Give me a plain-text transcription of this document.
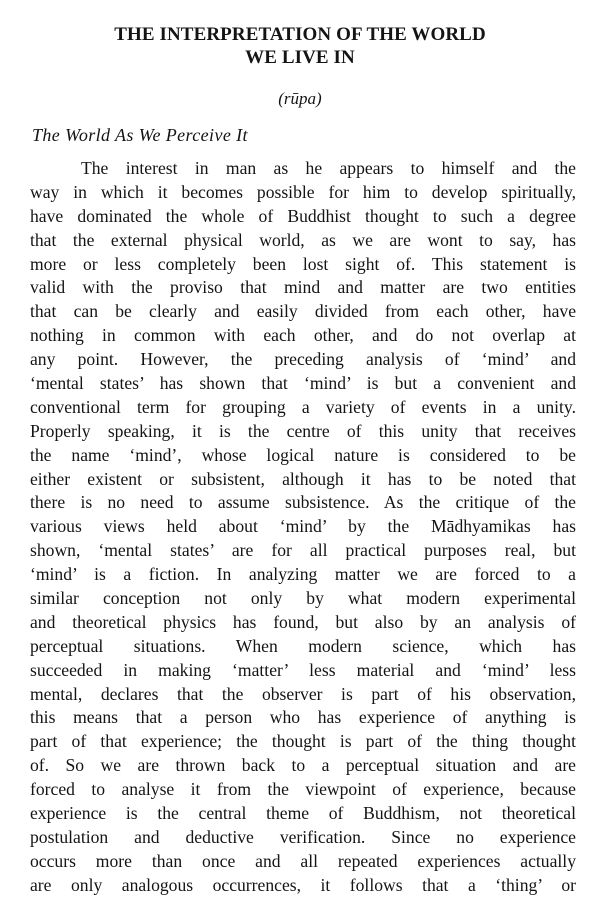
THE INTERPRETATION OF THE WORLD
WE LIVE IN
(rūpa)
The World As We Perceive It
The interest in man as he appears to himself and the
way in which it becomes possible for him to develop spiritually,
have dominated the whole of Buddhist thought to such a degree
that the external physical world, as we are wont to say, has
more or less completely been lost sight of. This statement is
valid with the proviso that mind and matter are two entities
that can be clearly and easily divided from each other, have
nothing in common with each other, and do not overlap at
any point. However, the preceding analysis of ‘mind’ and
‘mental states’ has shown that ‘mind’ is but a convenient and
conventional term for grouping a variety of events in a unity.
Properly speaking, it is the centre of this unity that receives
the name ‘mind’, whose logical nature is considered to be
either existent or subsistent, although it has to be noted that
there is no need to assume subsistence. As the critique of the
various views held about ‘mind’ by the Mādhyamikas has
shown, ‘mental states’ are for all practical purposes real, but
‘mind’ is a fiction. In analyzing matter we are forced to a
similar conception not only by what modern experimental
and theoretical physics has found, but also by an analysis of
perceptual situations. When modern science, which has
succeeded in making ‘matter’ less material and ‘mind’ less
mental, declares that the observer is part of his observation,
this means that a person who has experience of anything is
part of that experience; the thought is part of the thing thought
of. So we are thrown back to a perceptual situation and are
forced to analyse it from the viewpoint of experience, because
experience is the central theme of Buddhism, not theoretical
postulation and deductive verification. Since no experience
occurs more than once and all repeated experiences actually
are only analogous occurrences, it follows that a ‘thing’ or
